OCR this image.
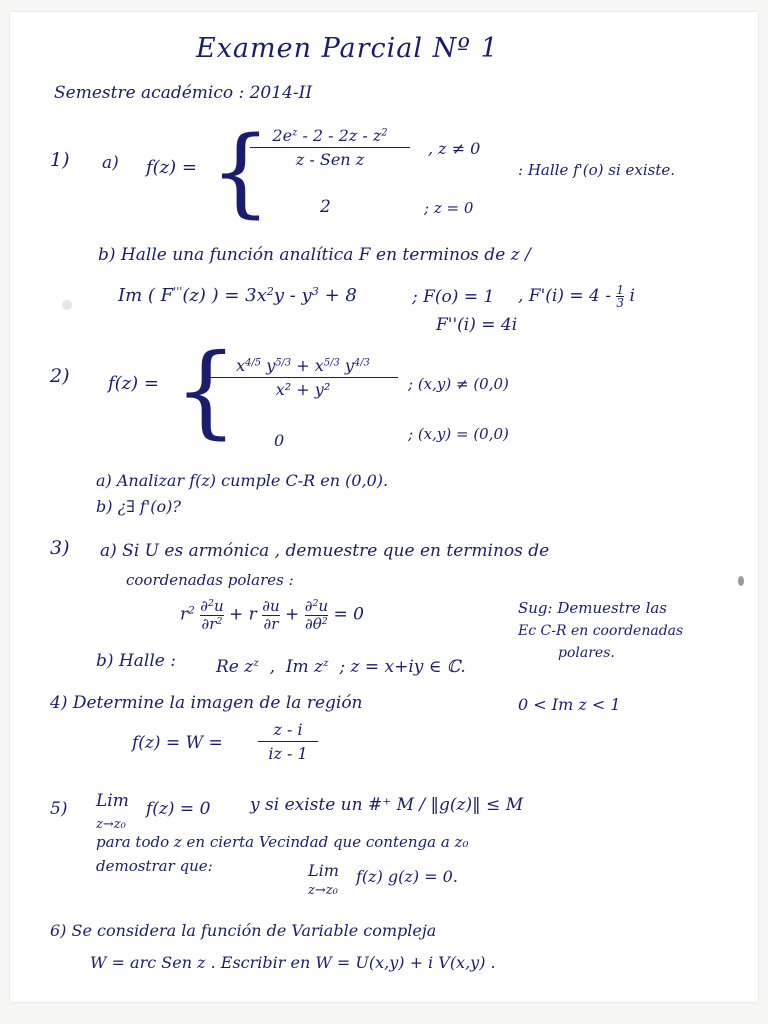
Examen Parcial Nº 1
Semestre académico : 2014-II
1) a) f(z) = { $2e^z - 2 - 2z - z^2$
z - Sen z
, z ≠ 0
2	; z = 0
: Halle f'(o) si existe.
b) Halle una función analítica F en terminos de z /
Im ( F'''(z) ) = $3x^2y - y^3 + 8$	; F(o) = 1 , $F'(i) = 4 - \frac{1}{3}$ i
F''(i) = 4i
2) f(z) = {
$x^{4/5}$ $y^{5/3} + x^{5/3}$ $y^{4/3}$
x² + y²	; (x,y) ≠ (0,0)
0	; (x,y) = (0,0)
a) Analizar f(z) cumple C-R en (0,0).
b) ¿∃ f'(o)?
3) a) Si U es armónica , demuestre que en terminos de
coordenadas polares :
$r^2 \frac{\partial^2u}{\partial r^2} + r \frac{\partial u}{\partial r} + \frac{\partial^2u}{\partial\theta^2} = 0$	Sug: Demuestre las
Ec C-R en coordenadas
polares.
b) Halle : Re $z^z$  ,  Im $z^z$  ; z = x+iy ∈ ℂ.
4) Determine la imagen de la región	0 < Im z < 1
f(z) = W =
z - i
iz - 1
5) Lim
z→z₀
f(z) = 0 y si existe un #⁺ M / ‖g(z)‖ ≤ M
para todo z en cierta Vecindad que contenga a z₀
demostrar que:	Lim
z→z₀
f(z) g(z) = 0.
6) Se considera la función de Variable compleja
W = arc Sen z . Escribir en W = U(x,y) + i V(x,y) .
